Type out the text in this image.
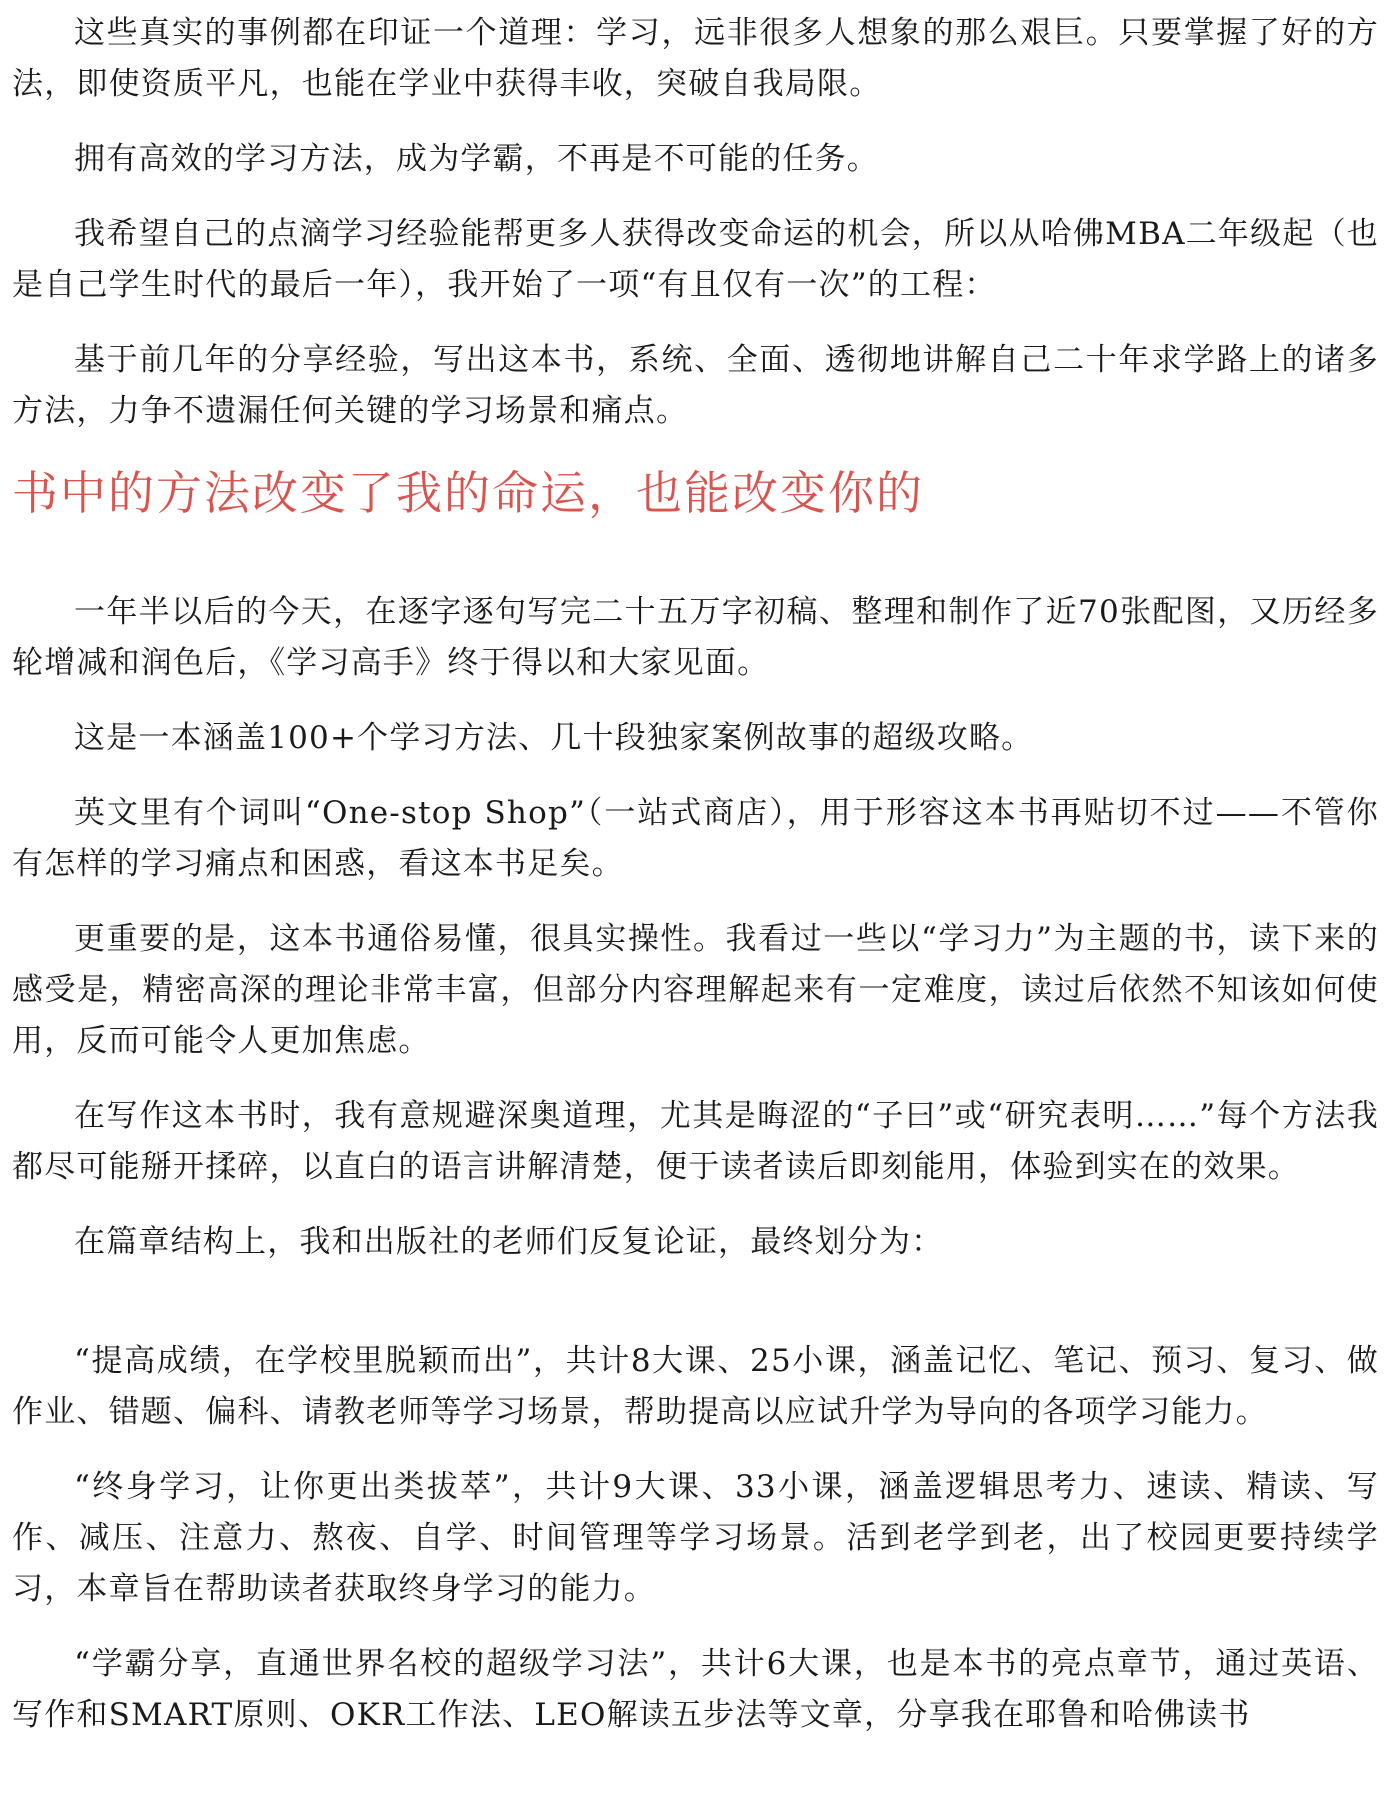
这些真实的事例都在印证一个道理：学习，远非很多人想象的那么艰巨。只要掌握了好的方法，即使资质平凡，也能在学业中获得丰收，突破自我局限。

拥有高效的学习方法，成为学霸，不再是不可能的任务。

我希望自己的点滴学习经验能帮更多人获得改变命运的机会，所以从哈佛MBA二年级起（也是自己学生时代的最后一年），我开始了一项“有且仅有一次”的工程：

基于前几年的分享经验，写出这本书，系统、全面、透彻地讲解自己二十年求学路上的诸多方法，力争不遗漏任何关键的学习场景和痛点。

书中的方法改变了我的命运，也能改变你的

一年半以后的今天，在逐字逐句写完二十五万字初稿、整理和制作了近70张配图，又历经多轮增减和润色后，《学习高手》终于得以和大家见面。

这是一本涵盖100+个学习方法、几十段独家案例故事的超级攻略。

英文里有个词叫“One-stop Shop”（一站式商店），用于形容这本书再贴切不过——不管你有怎样的学习痛点和困惑，看这本书足矣。

更重要的是，这本书通俗易懂，很具实操性。我看过一些以“学习力”为主题的书，读下来的感受是，精密高深的理论非常丰富，但部分内容理解起来有一定难度，读过后依然不知该如何使用，反而可能令人更加焦虑。

在写作这本书时，我有意规避深奥道理，尤其是晦涩的“子曰”或“研究表明……”每个方法我都尽可能掰开揉碎，以直白的语言讲解清楚，便于读者读后即刻能用，体验到实在的效果。

在篇章结构上，我和出版社的老师们反复论证，最终划分为：

“提高成绩，在学校里脱颖而出”，共计8大课、25小课，涵盖记忆、笔记、预习、复习、做作业、错题、偏科、请教老师等学习场景，帮助提高以应试升学为导向的各项学习能力。

“终身学习，让你更出类拔萃”，共计9大课、33小课，涵盖逻辑思考力、速读、精读、写作、减压、注意力、熬夜、自学、时间管理等学习场景。活到老学到老，出了校园更要持续学习，本章旨在帮助读者获取终身学习的能力。

“学霸分享，直通世界名校的超级学习法”，共计6大课，也是本书的亮点章节，通过英语、写作和SMART原则、OKR工作法、LEO解读五步法等文章，分享我在耶鲁和哈佛读书
